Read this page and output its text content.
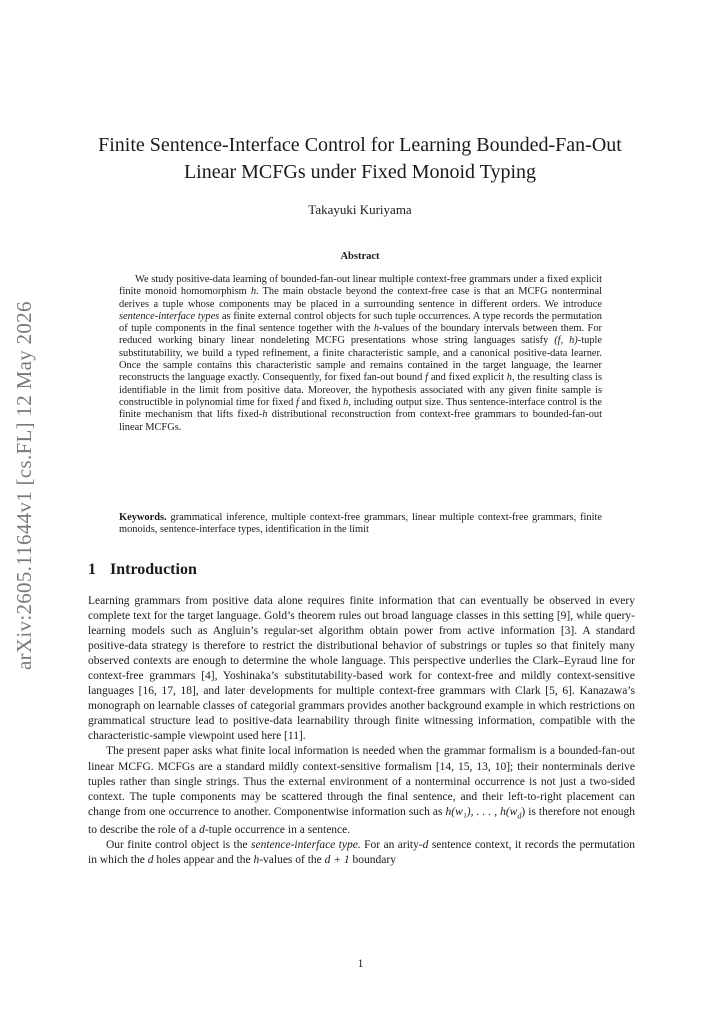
arXiv:2605.11644v1 [cs.FL] 12 May 2026
Finite Sentence-Interface Control for Learning Bounded-Fan-Out
Linear MCFGs under Fixed Monoid Typing
Takayuki Kuriyama
Abstract
We study positive-data learning of bounded-fan-out linear multiple context-free grammars under a fixed explicit finite monoid homomorphism h. The main obstacle beyond the context-free case is that an MCFG nonterminal derives a tuple whose components may be placed in a surrounding sentence in different orders. We introduce sentence-interface types as finite external control objects for such tuple occurrences. A type records the permutation of tuple components in the final sentence together with the h-values of the boundary intervals between them. For reduced working binary linear nondeleting MCFG presentations whose string languages satisfy (f, h)-tuple substitutability, we build a typed refinement, a finite characteristic sample, and a canonical positive-data learner. Once the sample contains this characteristic sample and remains contained in the target language, the learner reconstructs the language exactly. Consequently, for fixed fan-out bound f and fixed explicit h, the resulting class is identifiable in the limit from positive data. Moreover, the hypothesis associated with any given finite sample is constructible in polynomial time for fixed f and fixed h, including output size. Thus sentence-interface control is the finite mechanism that lifts fixed-h distributional reconstruction from context-free grammars to bounded-fan-out linear MCFGs.
Keywords. grammatical inference, multiple context-free grammars, linear multiple context-free grammars, finite monoids, sentence-interface types, identification in the limit
1 Introduction

Learning grammars from positive data alone requires finite information that can eventually be observed in every complete text for the target language. Gold’s theorem rules out broad language classes in this setting [9], while query-learning models such as Angluin’s regular-set algorithm obtain power from active information [3]. A standard positive-data strategy is therefore to restrict the distributional behavior of substrings or tuples so that finitely many observed contexts are enough to determine the whole language. This perspective underlies the Clark–Eyraud line for context-free grammars [4], Yoshinaka’s substitutability-based work for context-free and mildly context-sensitive languages [16, 17, 18], and later developments for multiple context-free grammars with Clark [5, 6]. Kanazawa’s monograph on learnable classes of categorial grammars provides another background example in which restrictions on grammatical structure lead to positive-data learnability through finite witnessing information, compatible with the characteristic-sample viewpoint used here [11].

The present paper asks what finite local information is needed when the grammar formalism is a bounded-fan-out linear MCFG. MCFGs are a standard mildly context-sensitive formalism [14, 15, 13, 10]; their nonterminals derive tuples rather than single strings. Thus the external environment of a nonterminal occurrence is not just a two-sided context. The tuple components may be scattered through the final sentence, and their left-to-right placement can change from one occurrence to another. Componentwise information such as h(w₁), . . . , $h(w_d)$ is therefore not enough to describe the role of a d-tuple occurrence in a sentence.

Our finite control object is the sentence-interface type. For an arity-d sentence context, it records the permutation in which the d holes appear and the h-values of the d + 1 boundary

1
